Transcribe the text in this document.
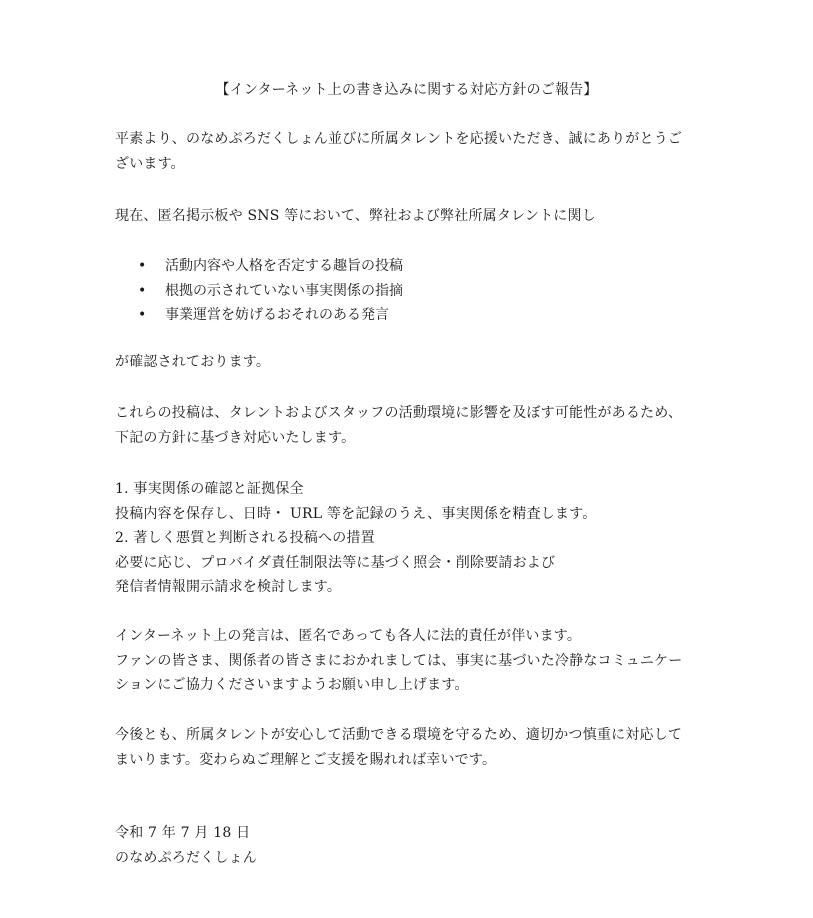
【インターネット上の書き込みに関する対応方針のご報告】
平素より、のなめぷろだくしょん並びに所属タレントを応援いただき、誠にありがとうご
ざいます。
現在、匿名掲示板や SNS 等において、弊社および弊社所属タレントに関し
• 活動内容や人格を否定する趣旨の投稿
• 根拠の示されていない事実関係の指摘
• 事業運営を妨げるおそれのある発言
が確認されております。
これらの投稿は、タレントおよびスタッフの活動環境に影響を及ぼす可能性があるため、
下記の方針に基づき対応いたします。
1. 事実関係の確認と証拠保全
投稿内容を保存し、日時・ URL 等を記録のうえ、事実関係を精査します。
2. 著しく悪質と判断される投稿への措置
必要に応じ、プロバイダ責任制限法等に基づく照会・削除要請および
発信者情報開示請求を検討します。
インターネット上の発言は、匿名であっても各人に法的責任が伴います。
ファンの皆さま、関係者の皆さまにおかれましては、事実に基づいた冷静なコミュニケー
ションにご協力くださいますようお願い申し上げます。
今後とも、所属タレントが安心して活動できる環境を守るため、適切かつ慎重に対応して
まいります。変わらぬご理解とご支援を賜れれば幸いです。
令和 7 年 7 月 18 日
のなめぷろだくしょん
